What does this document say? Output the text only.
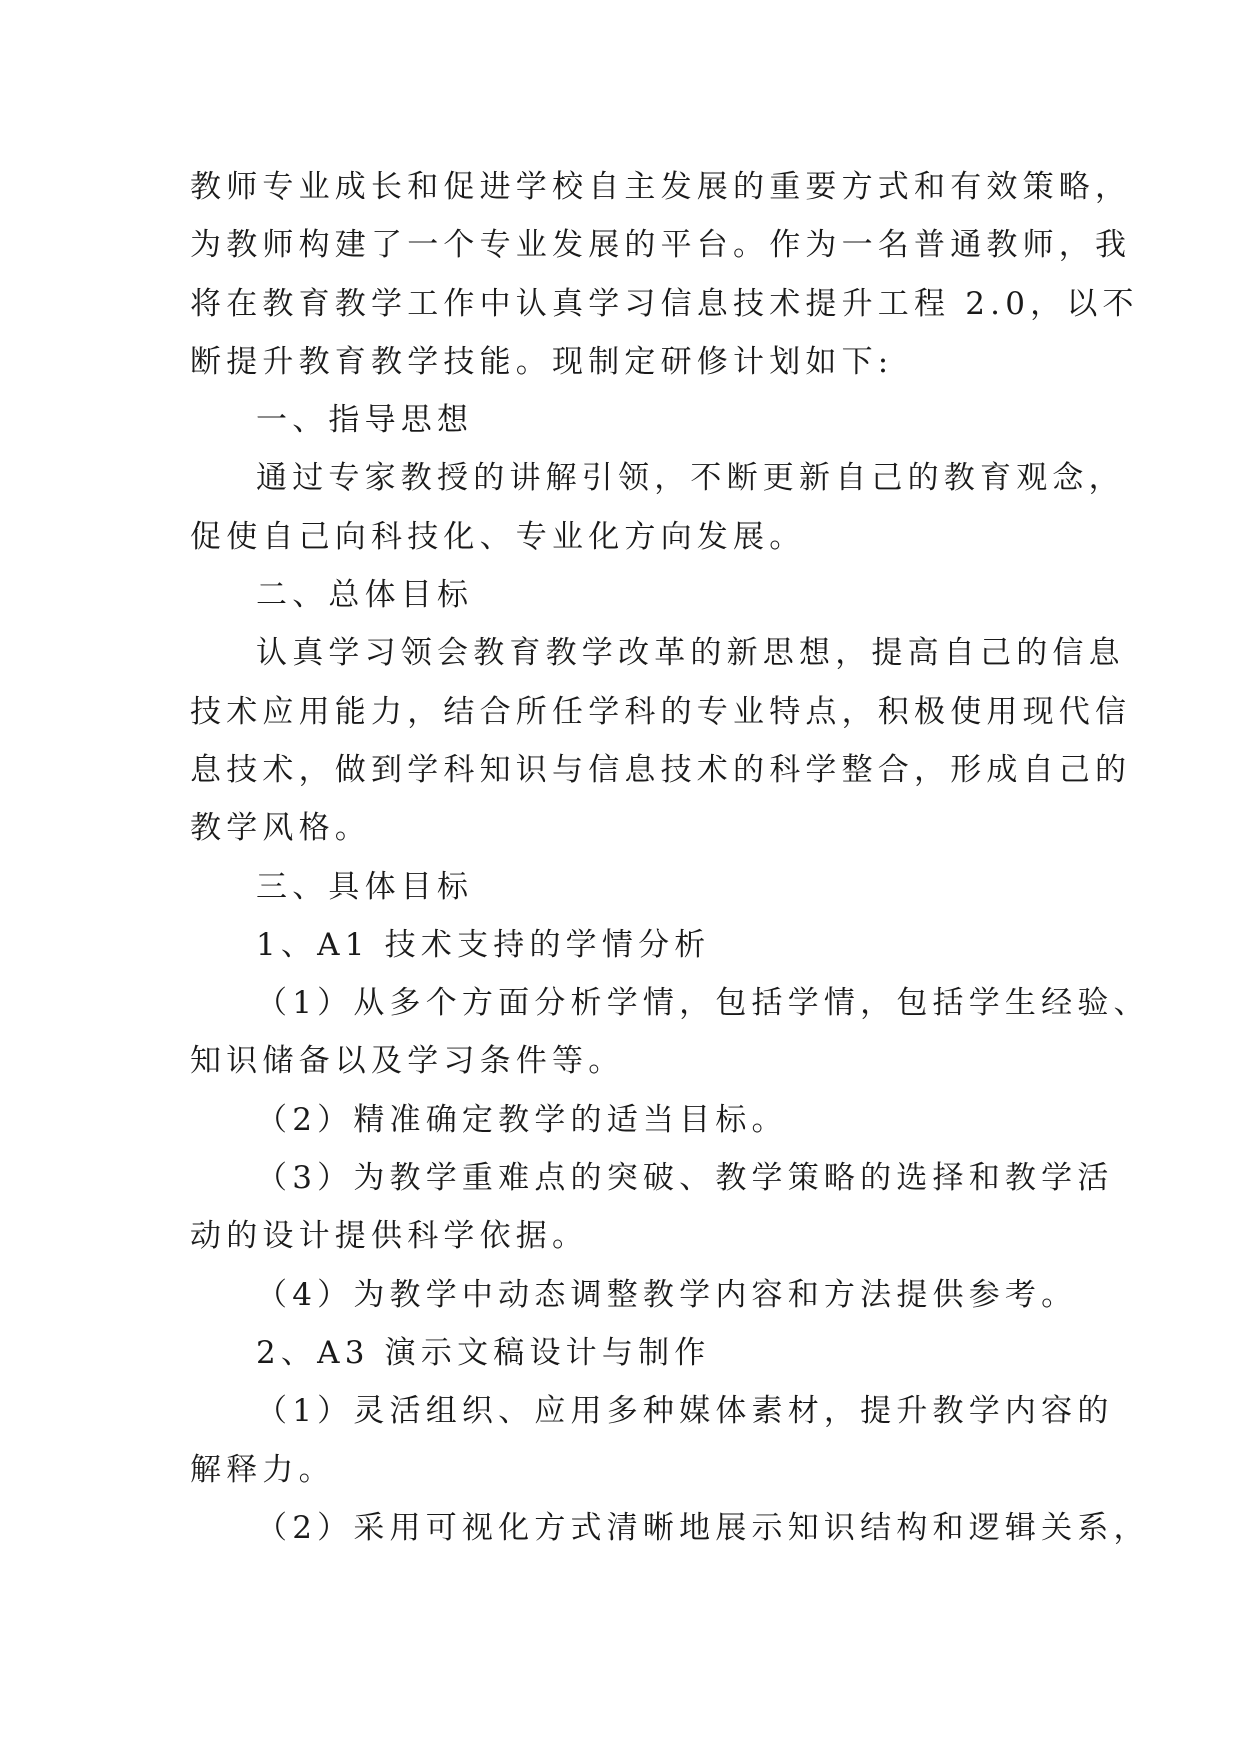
教师专业成长和促进学校自主发展的重要方式和有效策略，
为教师构建了一个专业发展的平台。作为一名普通教师，我
将在教育教学工作中认真学习信息技术提升工程 2.0，以不
断提升教育教学技能。现制定研修计划如下:
一、指导思想
通过专家教授的讲解引领，不断更新自己的教育观念，
促使自己向科技化、专业化方向发展。
二、总体目标
认真学习领会教育教学改革的新思想，提高自己的信息
技术应用能力，结合所任学科的专业特点，积极使用现代信
息技术，做到学科知识与信息技术的科学整合，形成自己的
教学风格。
三、具体目标
1、A1 技术支持的学情分析
（1）从多个方面分析学情，包括学情，包括学生经验、
知识储备以及学习条件等。
（2）精准确定教学的适当目标。
（3）为教学重难点的突破、教学策略的选择和教学活
动的设计提供科学依据。
（4）为教学中动态调整教学内容和方法提供参考。
2、A3 演示文稿设计与制作
（1）灵活组织、应用多种媒体素材，提升教学内容的
解释力。
（2）采用可视化方式清晰地展示知识结构和逻辑关系，
